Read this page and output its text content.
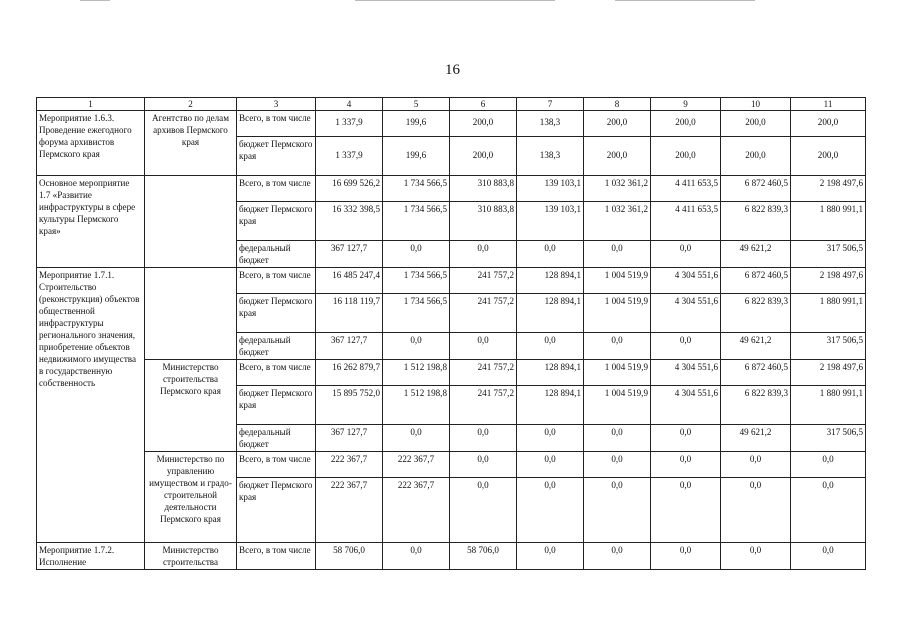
16
1	2	3	4	5	6	7	8	9	10	11
Мероприятие 1.6.3. Проведение ежегодного форума архивистов Пермского края	Агентство по делам архивов Пермского края	Всего, в том числе	1 337,9	199,6	200,0	138,3	200,0	200,0	200,0	200,0
		бюджет Пермского края	1 337,9	199,6	200,0	138,3	200,0	200,0	200,0	200,0
Основное мероприятие 1.7 «Развитие инфраструктуры в сфере культуры Пермского края»		Всего, в том числе	16 699 526,2	1 734 566,5	310 883,8	139 103,1	1 032 361,2	4 411 653,5	6 872 460,5	2 198 497,6
		бюджет Пермского края	16 332 398,5	1 734 566,5	310 883,8	139 103,1	1 032 361,2	4 411 653,5	6 822 839,3	1 880 991,1
		федеральный бюджет	367 127,7	0,0	0,0	0,0	0,0	0,0	49 621,2	317 506,5
Мероприятие 1.7.1. Строительство (реконструкция) объектов общественной инфраструктуры регионального значения, приобретение объектов недвижимого имущества в государственную собственность		Всего, в том числе	16 485 247,4	1 734 566,5	241 757,2	128 894,1	1 004 519,9	4 304 551,6	6 872 460,5	2 198 497,6
		бюджет Пермского края	16 118 119,7	1 734 566,5	241 757,2	128 894,1	1 004 519,9	4 304 551,6	6 822 839,3	1 880 991,1
		федеральный бюджет	367 127,7	0,0	0,0	0,0	0,0	0,0	49 621,2	317 506,5
	Министерство строительства Пермского края	Всего, в том числе	16 262 879,7	1 512 198,8	241 757,2	128 894,1	1 004 519,9	4 304 551,6	6 872 460,5	2 198 497,6
		бюджет Пермского края	15 895 752,0	1 512 198,8	241 757,2	128 894,1	1 004 519,9	4 304 551,6	6 822 839,3	1 880 991,1
		федеральный бюджет	367 127,7	0,0	0,0	0,0	0,0	0,0	49 621,2	317 506,5
	Министерство по управлению имуществом и градо-строительной деятельности Пермского края	Всего, в том числе	222 367,7	222 367,7	0,0	0,0	0,0	0,0	0,0	0,0
		бюджет Пермского края	222 367,7	222 367,7	0,0	0,0	0,0	0,0	0,0	0,0
Мероприятие 1.7.2. Исполнение	Министерство строительства	Всего, в том числе	58 706,0	0,0	58 706,0	0,0	0,0	0,0	0,0	0,0
